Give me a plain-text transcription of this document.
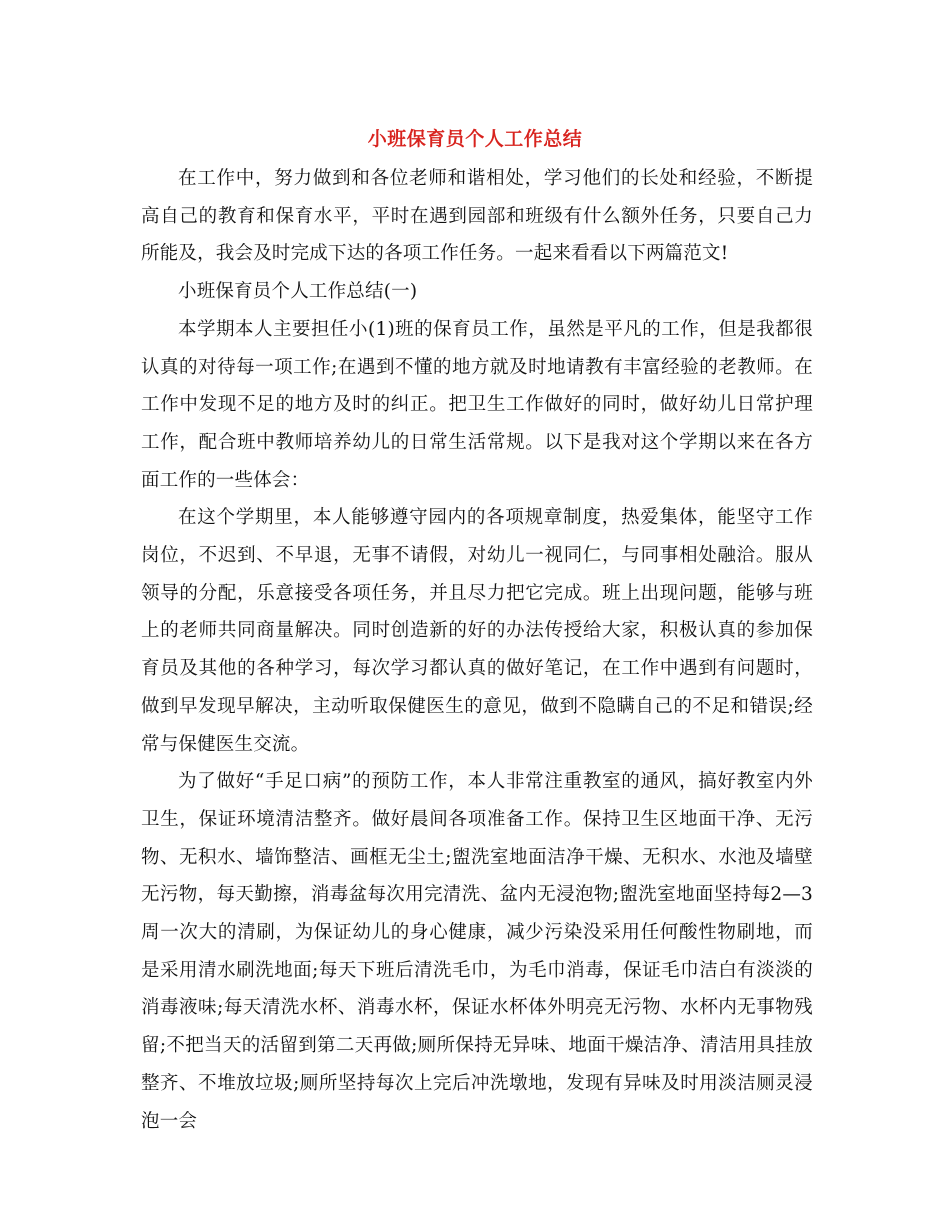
小班保育员个人工作总结

在工作中，努力做到和各位老师和谐相处，学习他们的长处和经验，不断提高自己的教育和保育水平，平时在遇到园部和班级有什么额外任务，只要自己力所能及，我会及时完成下达的各项工作任务。一起来看看以下两篇范文!

小班保育员个人工作总结(一)

本学期本人主要担任小(1)班的保育员工作，虽然是平凡的工作，但是我都很认真的对待每一项工作;在遇到不懂的地方就及时地请教有丰富经验的老教师。在工作中发现不足的地方及时的纠正。把卫生工作做好的同时，做好幼儿日常护理工作，配合班中教师培养幼儿的日常生活常规。以下是我对这个学期以来在各方面工作的一些体会：

在这个学期里，本人能够遵守园内的各项规章制度，热爱集体，能坚守工作岗位，不迟到、不早退，无事不请假，对幼儿一视同仁，与同事相处融洽。服从领导的分配，乐意接受各项任务，并且尽力把它完成。班上出现问题，能够与班上的老师共同商量解决。同时创造新的好的办法传授给大家，积极认真的参加保育员及其他的各种学习，每次学习都认真的做好笔记，在工作中遇到有问题时，做到早发现早解决，主动听取保健医生的意见，做到不隐瞒自己的不足和错误;经常与保健医生交流。

为了做好“手足口病”的预防工作，本人非常注重教室的通风，搞好教室内外卫生，保证环境清洁整齐。做好晨间各项准备工作。保持卫生区地面干净、无污物、无积水、墙饰整洁、画框无尘土;盥洗室地面洁净干燥、无积水、水池及墙壁无污物，每天勤擦，消毒盆每次用完清洗、盆内无浸泡物;盥洗室地面坚持每2—3周一次大的清刷，为保证幼儿的身心健康，减少污染没采用任何酸性物刷地，而是采用清水刷洗地面;每天下班后清洗毛巾，为毛巾消毒，保证毛巾洁白有淡淡的消毒液味;每天清洗水杯、消毒水杯，保证水杯体外明亮无污物、水杯内无事物残留;不把当天的活留到第二天再做;厕所保持无异味、地面干燥洁净、清洁用具挂放整齐、不堆放垃圾;厕所坚持每次上完后冲洗墩地，发现有异味及时用淡洁厕灵浸泡一会
